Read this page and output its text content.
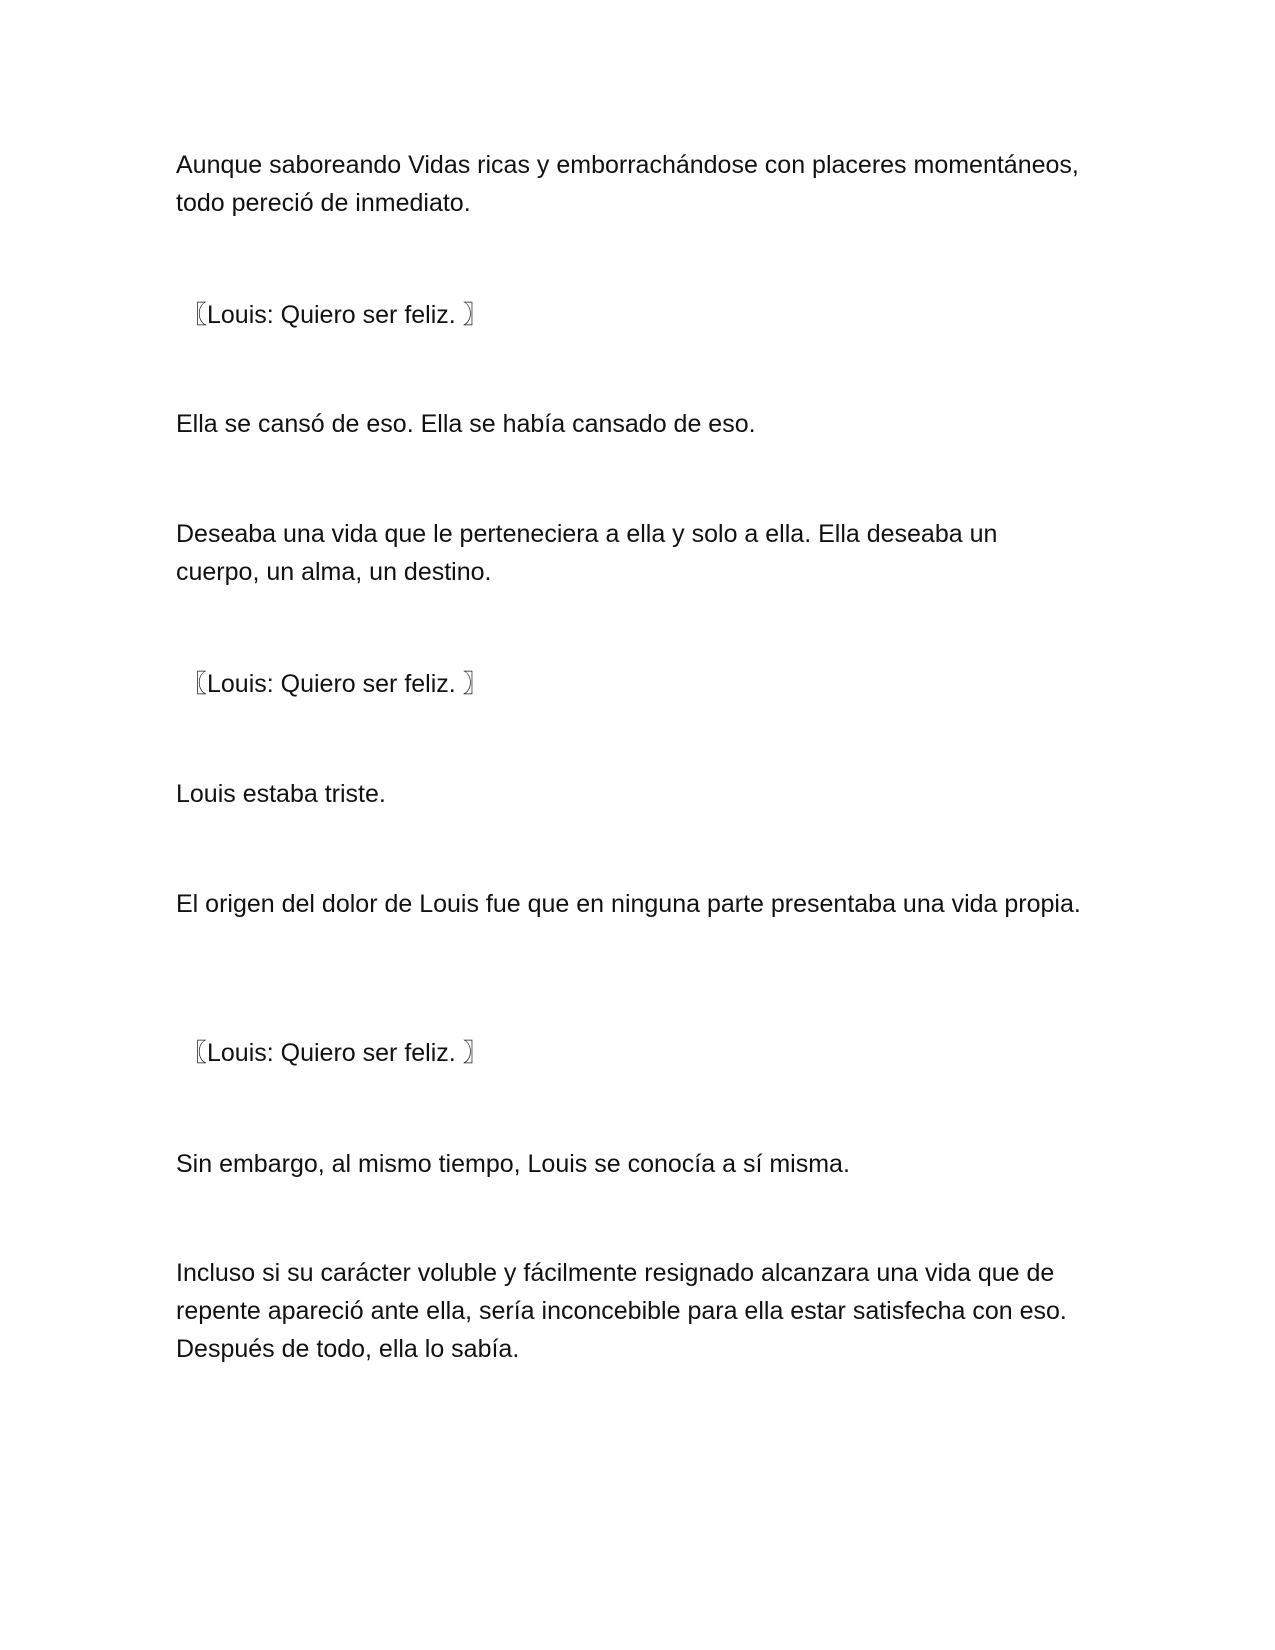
Aunque saboreando Vidas ricas y emborrachándose con placeres momentáneos, todo pereció de inmediato.

〖Louis: Quiero ser feliz. 〗

Ella se cansó de eso. Ella se había cansado de eso.

Deseaba una vida que le perteneciera a ella y solo a ella. Ella deseaba un cuerpo, un alma, un destino.

〖Louis: Quiero ser feliz. 〗

Louis estaba triste.

El origen del dolor de Louis fue que en ninguna parte presentaba una vida propia.

〖Louis: Quiero ser feliz. 〗

Sin embargo, al mismo tiempo, Louis se conocía a sí misma.

Incluso si su carácter voluble y fácilmente resignado alcanzara una vida que de repente apareció ante ella, sería inconcebible para ella estar satisfecha con eso. Después de todo, ella lo sabía.
